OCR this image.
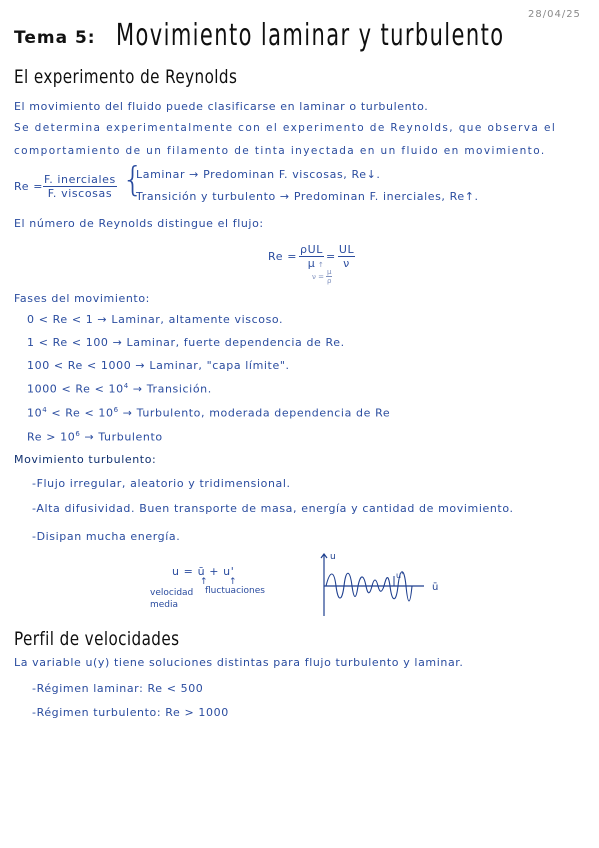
28/04/25
Tema 5: Movimiento laminar y turbulento
El experimento de Reynolds
El movimiento del fluido puede clasificarse en laminar o turbulento.
Se determina experimentalmente con el experimento de Reynolds, que observa el
comportamiento de un filamento de tinta inyectada en un fluido en movimiento.
$Re = \frac{\text{F. inerciales}}{\text{F. viscosas}}$ {
Laminar → Predominan F. viscosas, Re↓.
Transición y turbulento → Predominan F. inerciales, Re↑.
El número de Reynolds distingue el flujo:
$Re = \frac{\text{ρUL}}{\mu} = \frac{UL}{\nu}$
↑
$\nu = \frac{\mu}{\rho}$
Fases del movimiento:
0 < Re < 1 → Laminar, altamente viscoso.
1 < Re < 100 → Laminar, fuerte dependencia de Re.
100 < Re < 1000 → Laminar, "capa límite".
$1000 < Re < 10^4$ → Transición.
$10^4 < Re < 10^6$ → Turbulento, moderada dependencia de Re
$Re > 10^6$ → Turbulento
Movimiento turbulento:
-Flujo irregular, aleatorio y tridimensional.
-Alta difusividad. Buen transporte de masa, energía y cantidad de movimiento.
-Disipan mucha energía.
u = ū + u'
↑ ↑
velocidad
media
fluctuaciones
u
u'
ū
Perfil de velocidades
La variable u(y) tiene soluciones distintas para flujo turbulento y laminar.
-Régimen laminar: Re < 500
-Régimen turbulento: Re > 1000
